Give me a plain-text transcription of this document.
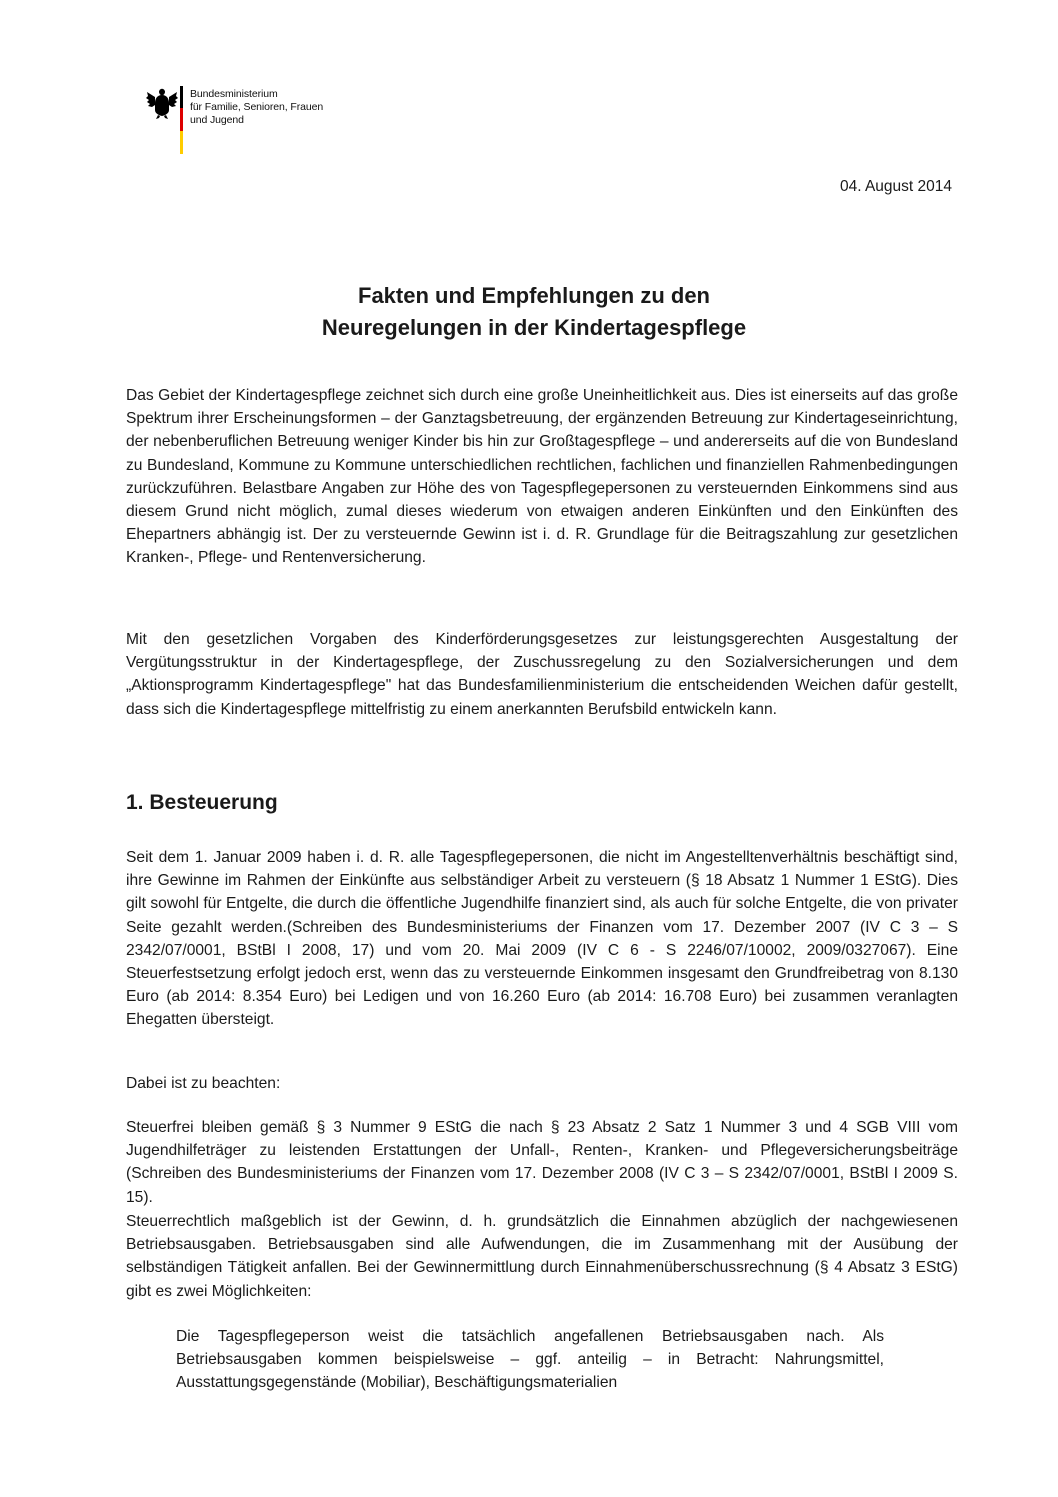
Bundesministerium
für Familie, Senioren, Frauen
und Jugend
04. August 2014
Fakten und Empfehlungen zu den
Neuregelungen in der Kindertagespflege

Das Gebiet der Kindertagespflege zeichnet sich durch eine große Uneinheitlichkeit aus. Dies ist einerseits auf das große Spektrum ihrer Erscheinungsformen – der Ganztagsbetreuung, der ergänzenden Betreuung zur Kindertageseinrichtung, der nebenberuflichen Betreuung weniger Kinder bis hin zur Großtagespflege – und andererseits auf die von Bundesland zu Bundesland, Kommune zu Kommune unterschiedlichen rechtlichen, fachlichen und finanziellen Rahmenbedingungen zurückzuführen. Belastbare Angaben zur Höhe des von Tagespflegepersonen zu versteuernden Einkommens sind aus diesem Grund nicht möglich, zumal dieses wiederum von etwaigen anderen Einkünften und den Einkünften des Ehepartners abhängig ist. Der zu versteuernde Gewinn ist i. d. R. Grundlage für die Beitragszahlung zur gesetzlichen Kranken-, Pflege- und Rentenversicherung.

Mit den gesetzlichen Vorgaben des Kinderförderungsgesetzes zur leistungsgerechten Ausgestaltung der Vergütungsstruktur in der Kindertagespflege, der Zuschussregelung zu den Sozialversicherungen und dem „Aktionsprogramm Kindertagespflege" hat das Bundesfamilienministerium die entscheidenden Weichen dafür gestellt, dass sich die Kindertagespflege mittelfristig zu einem anerkannten Berufsbild entwickeln kann.

1. Besteuerung

Seit dem 1. Januar 2009 haben i. d. R. alle Tagespflegepersonen, die nicht im Angestelltenverhältnis beschäftigt sind, ihre Gewinne im Rahmen der Einkünfte aus selbständiger Arbeit zu versteuern (§ 18 Absatz 1 Nummer 1 EStG). Dies gilt sowohl für Entgelte, die durch die öffentliche Jugendhilfe finanziert sind, als auch für solche Entgelte, die von privater Seite gezahlt werden.(Schreiben des Bundesministeriums der Finanzen vom 17. Dezember 2007 (IV C 3 – S 2342/07/0001, BStBl I 2008, 17) und vom 20. Mai 2009 (IV C 6 - S 2246/07/10002, 2009/0327067). Eine Steuerfestsetzung erfolgt jedoch erst, wenn das zu versteuernde Einkommen insgesamt den Grundfreibetrag von 8.130 Euro (ab 2014: 8.354 Euro) bei Ledigen und von 16.260 Euro (ab 2014: 16.708 Euro) bei zusammen veranlagten Ehegatten übersteigt.

Dabei ist zu beachten:

Steuerfrei bleiben gemäß § 3 Nummer 9 EStG die nach § 23 Absatz 2 Satz 1 Nummer 3 und 4 SGB VIII vom Jugendhilfeträger zu leistenden Erstattungen der Unfall-, Renten-, Kranken- und Pflegeversicherungsbeiträge (Schreiben des Bundesministeriums der Finanzen vom 17. Dezember 2008 (IV C 3 – S 2342/07/0001, BStBl I 2009 S. 15).

Steuerrechtlich maßgeblich ist der Gewinn, d. h. grundsätzlich die Einnahmen abzüglich der nachgewiesenen Betriebsausgaben. Betriebsausgaben sind alle Aufwendungen, die im Zusammenhang mit der Ausübung der selbständigen Tätigkeit anfallen. Bei der Gewinnermittlung durch Einnahmenüberschussrechnung (§ 4 Absatz 3 EStG) gibt es zwei Möglichkeiten:

Die Tagespflegeperson weist die tatsächlich angefallenen Betriebsausgaben nach. Als Betriebsausgaben kommen beispielsweise – ggf. anteilig – in Betracht: Nahrungsmittel, Ausstattungsgegenstände (Mobiliar), Beschäftigungsmaterialien
